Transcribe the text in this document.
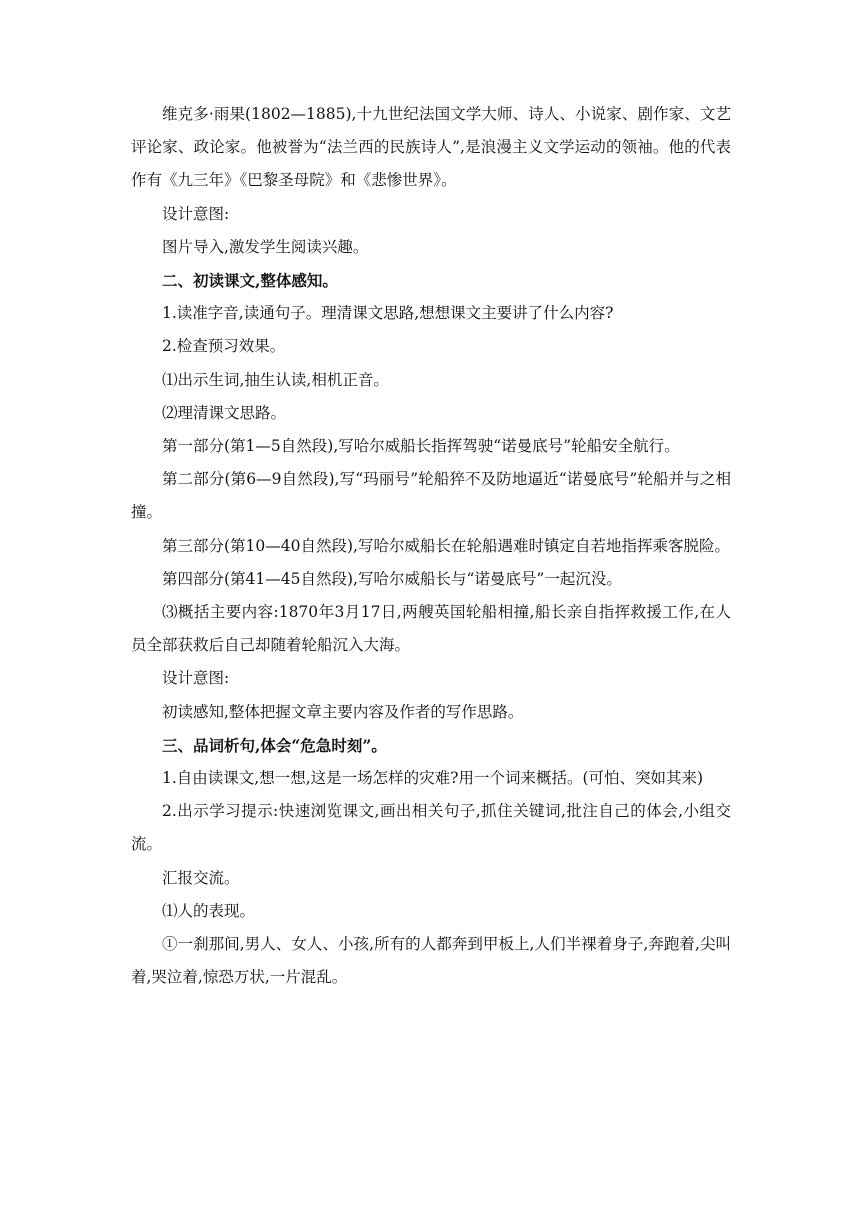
维克多·雨果(1802—1885),十九世纪法国文学大师、诗人、小说家、剧作家、文艺评论家、政论家。他被誉为“法兰西的民族诗人”,是浪漫主义文学运动的领袖。他的代表作有《九三年》《巴黎圣母院》和《悲惨世界》。

设计意图:

图片导入,激发学生阅读兴趣。

二、初读课文,整体感知。

1.读准字音,读通句子。理清课文思路,想想课文主要讲了什么内容?

2.检查预习效果。

⑴出示生词,抽生认读,相机正音。

⑵理清课文思路。

第一部分(第1—5自然段),写哈尔威船长指挥驾驶“诺曼底号”轮船安全航行。

第二部分(第6—9自然段),写“玛丽号”轮船猝不及防地逼近“诺曼底号”轮船并与之相撞。

第三部分(第10—40自然段),写哈尔威船长在轮船遇难时镇定自若地指挥乘客脱险。

第四部分(第41—45自然段),写哈尔威船长与“诺曼底号”一起沉没。

⑶概括主要内容:1870年3月17日,两艘英国轮船相撞,船长亲自指挥救援工作,在人员全部获救后自己却随着轮船沉入大海。

设计意图:

初读感知,整体把握文章主要内容及作者的写作思路。

三、品词析句,体会“危急时刻”。

1.自由读课文,想一想,这是一场怎样的灾难?用一个词来概括。(可怕、突如其来)

2.出示学习提示:快速浏览课文,画出相关句子,抓住关键词,批注自己的体会,小组交流。

汇报交流。

⑴人的表现。

①一刹那间,男人、女人、小孩,所有的人都奔到甲板上,人们半裸着身子,奔跑着,尖叫着,哭泣着,惊恐万状,一片混乱。
